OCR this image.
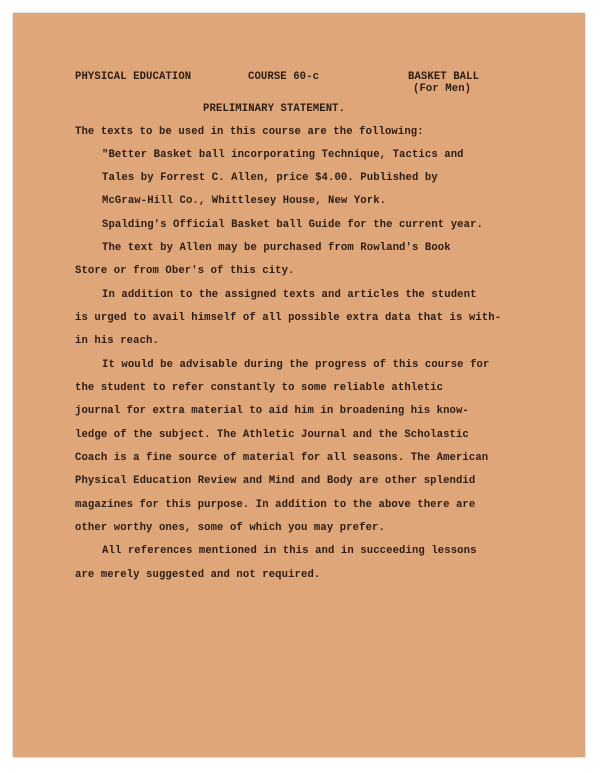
PHYSICAL EDUCATION	COURSE 60-c	BASKET BALL
(For Men)
PRELIMINARY STATEMENT.
The texts to be used in this course are the following:
"Better Basket ball incorporating Technique, Tactics and
Tales by Forrest C. Allen, price $4.00. Published by
McGraw-Hill Co., Whittlesey House, New York.
Spalding's Official Basket ball Guide for the current year.
The text by Allen may be purchased from Rowland's Book
Store or from Ober's of this city.
In addition to the assigned texts and articles the student
is urged to avail himself of all possible extra data that is with-
in his reach.
It would be advisable during the progress of this course for
the student to refer constantly to some reliable athletic
journal for extra material to aid him in broadening his know-
ledge of the subject. The Athletic Journal and the Scholastic
Coach is a fine source of material for all seasons. The American
Physical Education Review and Mind and Body are other splendid
magazines for this purpose. In addition to the above there are
other worthy ones, some of which you may prefer.
All references mentioned in this and in succeeding lessons
are merely suggested and not required.
